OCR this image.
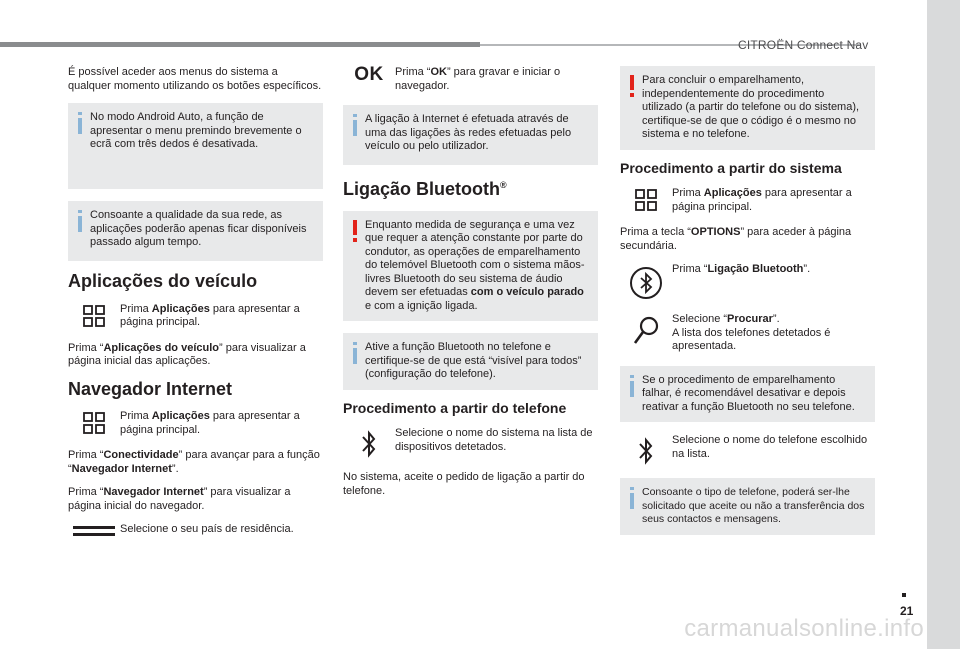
CITROËN Connect Nav

É possível aceder aos menus do sistema a qualquer momento utilizando os botões específicos.

No modo Android Auto, a função de apresentar o menu premindo brevemente o ecrã com três dedos é desativada.
Consoante a qualidade da sua rede, as aplicações poderão apenas ficar disponíveis passado algum tempo.
Aplicações do veículo
Prima Aplicações para apresentar a página principal.

Prima “Aplicações do veículo” para visualizar a página inicial das aplicações.

Navegador Internet
Prima Aplicações para apresentar a página principal.

Prima “Conectividade” para avançar para a função “Navegador Internet”.

Prima “Navegador Internet” para visualizar a página inicial do navegador.

Selecione o seu país de residência.
OK Prima “OK” para gravar e iniciar o navegador.
A ligação à Internet é efetuada através de uma das ligações às redes efetuadas pelo veículo ou pelo utilizador.
Ligação Bluetooth®
Enquanto medida de segurança e uma vez que requer a atenção constante por parte do condutor, as operações de emparelhamento do telemóvel Bluetooth com o sistema mãos-livres Bluetooth do seu sistema de áudio devem ser efetuadas com o veículo parado e com a ignição ligada.
Ative a função Bluetooth no telefone e certifique-se de que está “visível para todos” (configuração do telefone).
Procedimento a partir do telefone
Selecione o nome do sistema na lista de dispositivos detetados.

No sistema, aceite o pedido de ligação a partir do telefone.

Para concluir o emparelhamento, independentemente do procedimento utilizado (a partir do telefone ou do sistema), certifique-se de que o código é o mesmo no sistema e no telefone.
Procedimento a partir do sistema
Prima Aplicações para apresentar a página principal.

Prima a tecla “OPTIONS” para aceder à página secundária.

Prima “Ligação Bluetooth”.
Selecione “Procurar”.
A lista dos telefones detetados é apresentada.
Se o procedimento de emparelhamento falhar, é recomendável desativar e depois reativar a função Bluetooth no seu telefone.
Selecione o nome do telefone escolhido na lista.
Consoante o tipo de telefone, poderá ser-lhe solicitado que aceite ou não a transferência dos seus contactos e mensagens.
21
carmanualsonline.info
